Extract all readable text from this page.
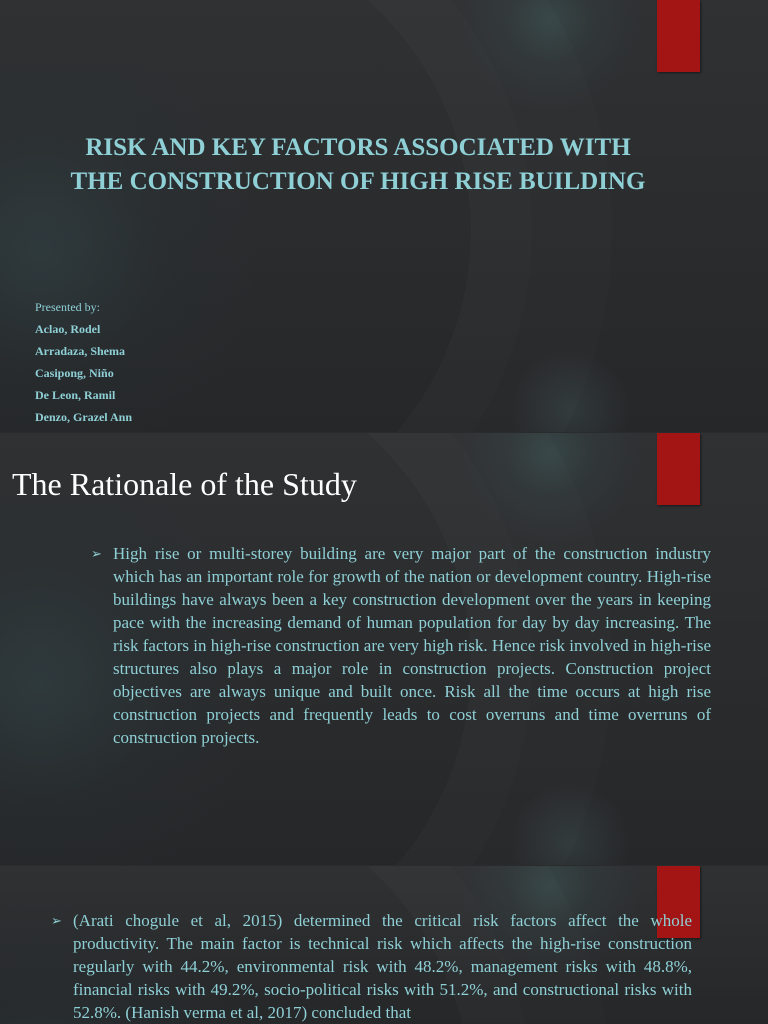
RISK AND KEY FACTORS ASSOCIATED WITH THE CONSTRUCTION OF HIGH RISE BUILDING
Presented by:
Aclao, Rodel
Arradaza, Shema
Casipong, Niño
De Leon, Ramil
Denzo, Grazel Ann
The Rationale of the Study

➢ High rise or multi-storey building are very major part of the construction industry which has an important role for growth of the nation or development country. High-rise buildings have always been a key construction development over the years in keeping pace with the increasing demand of human population for day by day increasing. The risk factors in high-rise construction are very high risk. Hence risk involved in high-rise structures also plays a major role in construction projects. Construction project objectives are always unique and built once. Risk all the time occurs at high rise construction projects and frequently leads to cost overruns and time overruns of construction projects.

➢ (Arati chogule et al, 2015) determined the critical risk factors affect the whole productivity. The main factor is technical risk which affects the high-rise construction regularly with 44.2%, environmental risk with 48.2%, management risks with 48.8%, financial risks with 49.2%, socio-political risks with 51.2%, and constructional risks with 52.8%. (Hanish verma et al, 2017) concluded that
